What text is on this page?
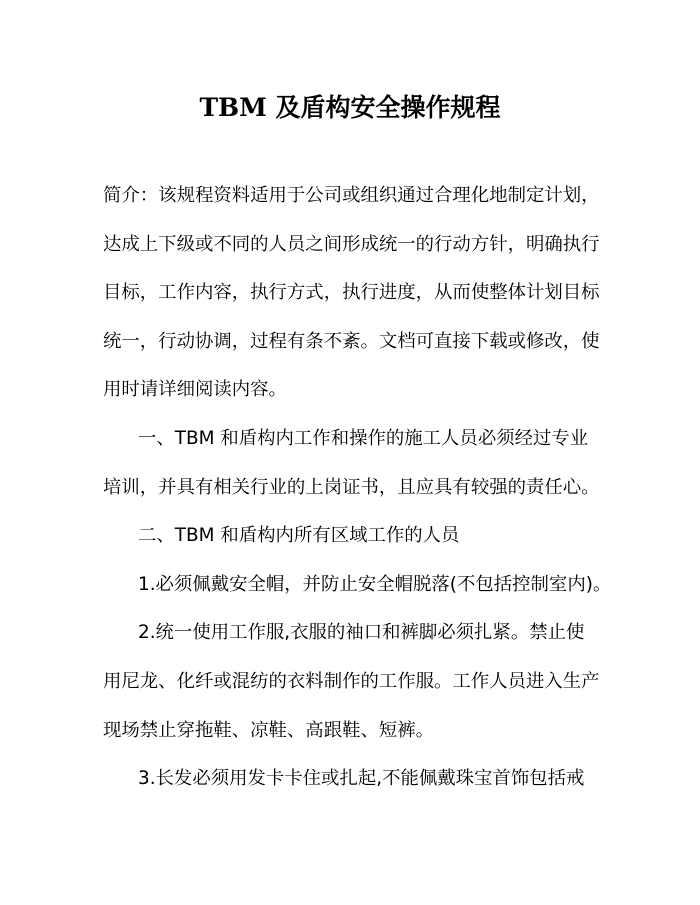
TBM 及盾构安全操作规程

简介：该规程资料适用于公司或组织通过合理化地制定计划，

达成上下级或不同的人员之间形成统一的行动方针，明确执行

目标，工作内容，执行方式，执行进度，从而使整体计划目标

统一，行动协调，过程有条不紊。文档可直接下载或修改，使

用时请详细阅读内容。

一、TBM 和盾构内工作和操作的施工人员必须经过专业

培训，并具有相关行业的上岗证书，且应具有较强的责任心。

二、TBM 和盾构内所有区域工作的人员

1.必须佩戴安全帽，并防止安全帽脱落(不包括控制室内)。

2.统一使用工作服,衣服的袖口和裤脚必须扎紧。禁止使

用尼龙、化纤或混纺的衣料制作的工作服。工作人员进入生产

现场禁止穿拖鞋、凉鞋、高跟鞋、短裤。

3.长发必须用发卡卡住或扎起,不能佩戴珠宝首饰包括戒
